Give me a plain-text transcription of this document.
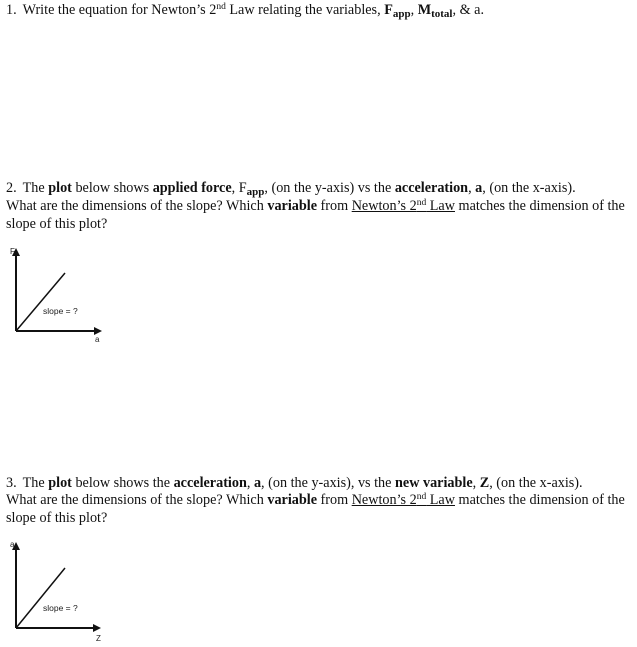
1. Write the equation for Newton’s 2nd Law relating the variables, $F_{app}$, $M_{total}$, & a.
2. The plot below shows applied force, $F_{app}$, (on the y-axis) vs the acceleration, a, (on the x-axis).
What are the dimensions of the slope? Which variable from Newton’s 2nd Law matches the dimension of the slope of this plot?
F
slope = ?
a
3. The plot below shows the acceleration, a, (on the y-axis), vs the new variable, Z, (on the x-axis).
What are the dimensions of the slope? Which variable from Newton’s 2nd Law matches the dimension of the slope of this plot?
a
slope = ?
Z
